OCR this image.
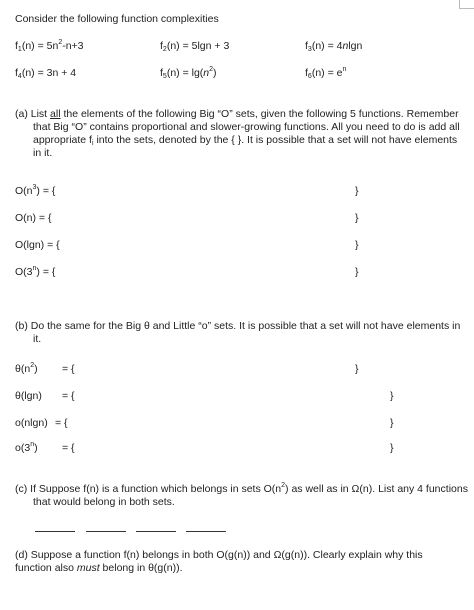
Consider the following function complexities
$f_1(n) = 5n^2-n+3$	$f_2(n) = 5\lg n + 3$	$f_3(n) = 4nlgn$
$f_4(n) = 3n + 4$	$f_5(n) = \lg(n^2)$	$f_6(n) = e^n$
(a) List all the elements of the following Big “O” sets, given the following 5 functions. Remember that Big “O” contains proportional and slower-growing functions. All you need to do is add all appropriate $f_i$ into the sets, denoted by the { }. It is possible that a set will not have elements in it.
$O(n^3)$ = {	}
O(n) = {	}
O(lgn) = {	}
$O(3^n)$ = {	}
(b) Do the same for the Big θ and Little “o” sets. It is possible that a set will not have elements in it.
$\theta(n^2)$ = {	}
θ(lgn) = {	}
o(nlgn) = {	}
$o(3^n)$ = {	}
(c) If Suppose f(n) is a function which belongs in sets $O(n^2)$ as well as in Ω(n). List any 4 functions that would belong in both sets.
(d) Suppose a function f(n) belongs in both O(g(n)) and Ω(g(n)). Clearly explain why this function also must belong in θ(g(n)).
